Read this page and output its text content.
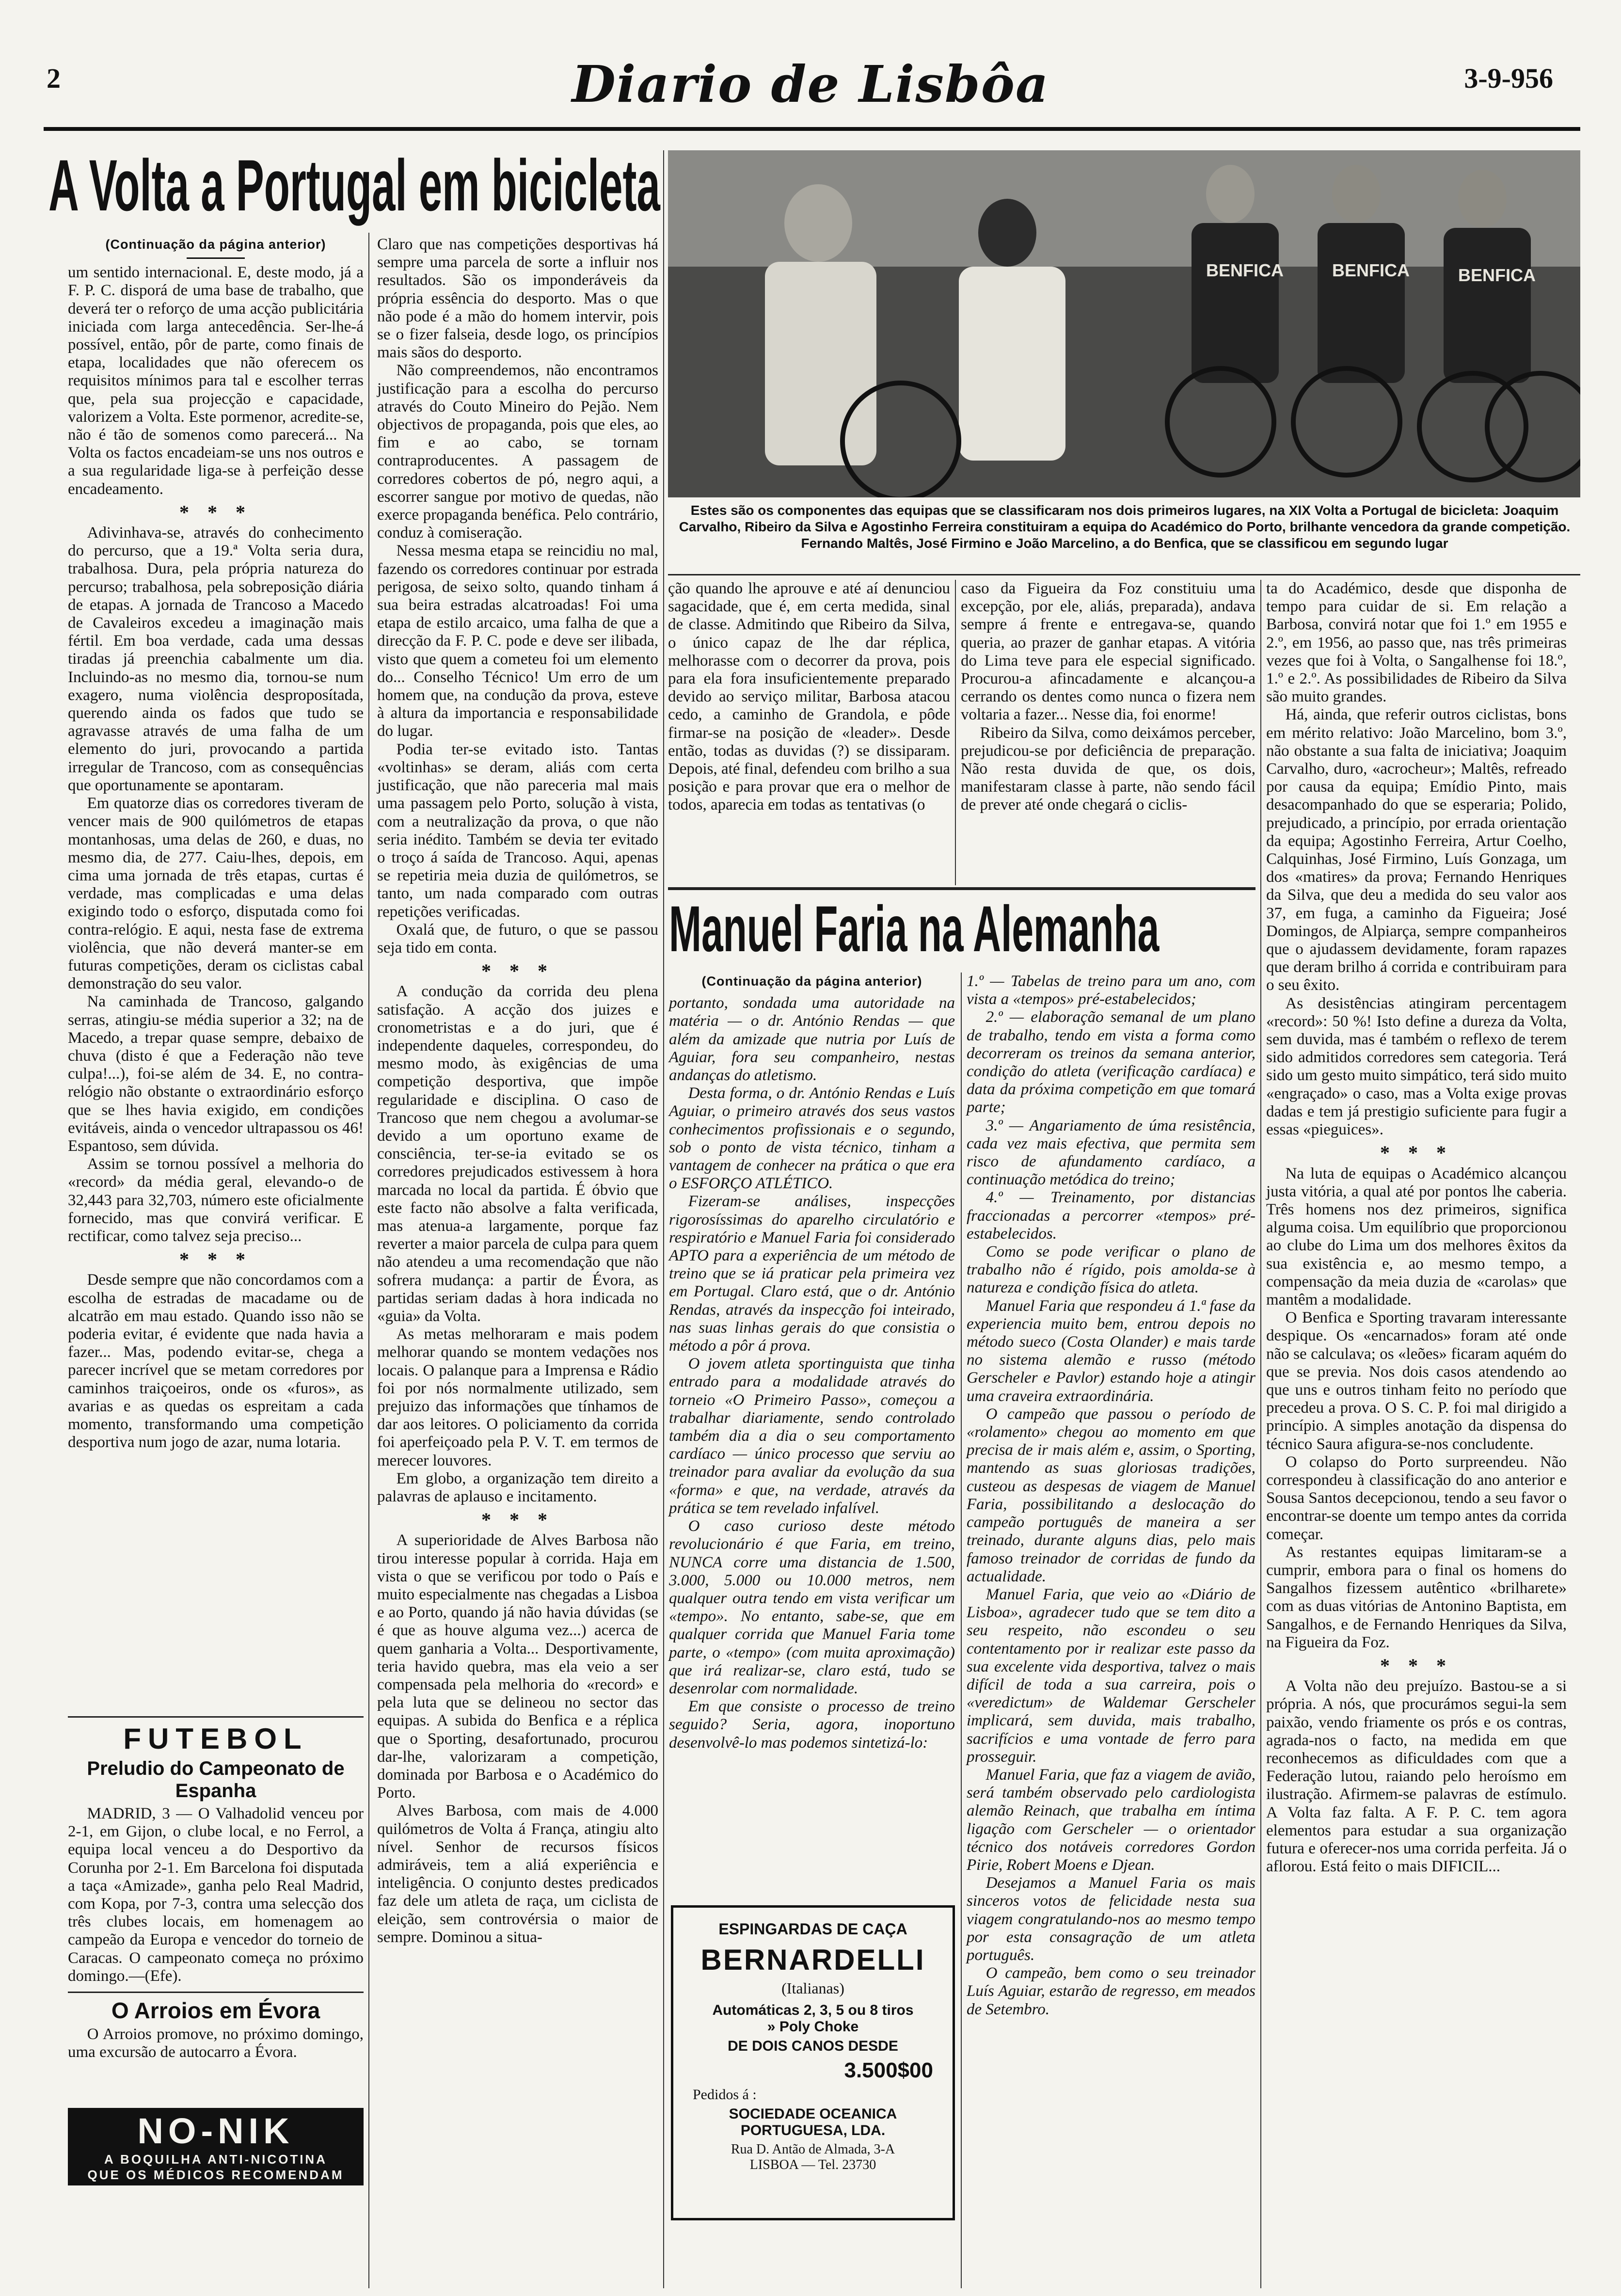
2	Diario de Lisbôa	3-9-956
A Volta a Portugal em bicicleta
(Continuação da página anterior)

um sentido internacional. E, deste modo, já a F. P. C. disporá de uma base de trabalho, que deverá ter o reforço de uma acção publicitária iniciada com larga antecedência. Ser-lhe-á possível, então, pôr de parte, como finais de etapa, localidades que não oferecem os requisitos mínimos para tal e escolher terras que, pela sua projecção e capacidade, valorizem a Volta. Este pormenor, acredite-se, não é tão de somenos como parecerá... Na Volta os factos encadeiam-se uns nos outros e a sua regularidade liga-se à perfeição desse encadeamento.

* * *

Adivinhava-se, através do conhecimento do percurso, que a 19.ª Volta seria dura, trabalhosa. Dura, pela própria natureza do percurso; trabalhosa, pela sobreposição diária de etapas. A jornada de Trancoso a Macedo de Cavaleiros excedeu a imaginação mais fértil. Em boa verdade, cada uma dessas tiradas já preenchia cabalmente um dia. Incluindo-as no mesmo dia, tornou-se num exagero, numa violência desproposítada, querendo ainda os fados que tudo se agravasse através de uma falha de um elemento do juri, provocando a partida irregular de Trancoso, com as consequências que oportunamente se apontaram.

Em quatorze dias os corredores tiveram de vencer mais de 900 quilómetros de etapas montanhosas, uma delas de 260, e duas, no mesmo dia, de 277. Caiu-lhes, depois, em cima uma jornada de três etapas, curtas é verdade, mas complicadas e uma delas exigindo todo o esforço, disputada como foi contra-relógio. E aqui, nesta fase de extrema violência, que não deverá manter-se em futuras competições, deram os ciclistas cabal demonstração do seu valor.

Na caminhada de Trancoso, galgando serras, atingiu-se média superior a 32; na de Macedo, a trepar quase sempre, debaixo de chuva (disto é que a Federação não teve culpa!...), foi-se além de 34. E, no contra-relógio não obstante o extraordinário esforço que se lhes havia exigido, em condições evitáveis, ainda o vencedor ultrapassou os 46! Espantoso, sem dúvida.

Assim se tornou possível a melhoria do «record» da média geral, elevando-o de 32,443 para 32,703, número este oficialmente fornecido, mas que convirá verificar. E rectificar, como talvez seja preciso...

* * *

Desde sempre que não concordamos com a escolha de estradas de macadame ou de alcatrão em mau estado. Quando isso não se poderia evitar, é evidente que nada havia a fazer... Mas, podendo evitar-se, chega a parecer incrível que se metam corredores por caminhos traiçoeiros, onde os «furos», as avarias e as quedas os espreitam a cada momento, transformando uma competição desportiva num jogo de azar, numa lotaria.

FUTEBOL
Preludio do Campeonato de Espanha

MADRID, 3 — O Valhadolid venceu por 2-1, em Gijon, o clube local, e no Ferrol, a equipa local venceu a do Desportivo da Corunha por 2-1. Em Barcelona foi disputada a taça «Amizade», ganha pelo Real Madrid, com Kopa, por 7-3, contra uma selecção dos três clubes locais, em homenagem ao campeão da Europa e vencedor do torneio de Caracas. O campeonato começa no próximo domingo.—(Efe).

O Arroios em Évora

O Arroios promove, no próximo domingo, uma excursão de autocarro a Évora.

NO-NIK
A BOQUILHA ANTI-NICOTINA
QUE OS MÉDICOS RECOMENDAM

Claro que nas competições desportivas há sempre uma parcela de sorte a influir nos resultados. São os imponderáveis da própria essência do desporto. Mas o que não pode é a mão do homem intervir, pois se o fizer falseia, desde logo, os princípios mais sãos do desporto.

Não compreendemos, não encontramos justificação para a escolha do percurso através do Couto Mineiro do Pejão. Nem objectivos de propaganda, pois que eles, ao fim e ao cabo, se tornam contraproducentes. A passagem de corredores cobertos de pó, negro aqui, a escorrer sangue por motivo de quedas, não exerce propaganda benéfica. Pelo contrário, conduz à comiseração.

Nessa mesma etapa se reincidiu no mal, fazendo os corredores continuar por estrada perigosa, de seixo solto, quando tinham á sua beira estradas alcatroadas! Foi uma etapa de estilo arcaico, uma falha de que a direcção da F. P. C. pode e deve ser ilibada, visto que quem a cometeu foi um elemento do... Conselho Técnico! Um erro de um homem que, na condução da prova, esteve à altura da importancia e responsabilidade do lugar.

Podia ter-se evitado isto. Tantas «voltinhas» se deram, aliás com certa justificação, que não pareceria mal mais uma passagem pelo Porto, solução à vista, com a neutralização da prova, o que não seria inédito. Também se devia ter evitado o troço á saída de Trancoso. Aqui, apenas se repetiria meia duzia de quilómetros, se tanto, um nada comparado com outras repetições verificadas.

Oxalá que, de futuro, o que se passou seja tido em conta.

* * *

A condução da corrida deu plena satisfação. A acção dos juizes e cronometristas e a do juri, que é independente daqueles, correspondeu, do mesmo modo, às exigências de uma competição desportiva, que impõe regularidade e disciplina. O caso de Trancoso que nem chegou a avolumar-se devido a um oportuno exame de consciência, ter-se-ia evitado se os corredores prejudicados estivessem à hora marcada no local da partida. É óbvio que este facto não absolve a falta verificada, mas atenua-a largamente, porque faz reverter a maior parcela de culpa para quem não atendeu a uma recomendação que não sofrera mudança: a partir de Évora, as partidas seriam dadas à hora indicada no «guia» da Volta.

As metas melhoraram e mais podem melhorar quando se montem vedações nos locais. O palanque para a Imprensa e Rádio foi por nós normalmente utilizado, sem prejuizo das informações que tínhamos de dar aos leitores. O policiamento da corrida foi aperfeiçoado pela P. V. T. em termos de merecer louvores.

Em globo, a organização tem direito a palavras de aplauso e incitamento.

* * *

A superioridade de Alves Barbosa não tirou interesse popular à corrida. Haja em vista o que se verificou por todo o País e muito especialmente nas chegadas a Lisboa e ao Porto, quando já não havia dúvidas (se é que as houve alguma vez...) acerca de quem ganharia a Volta... Desportivamente, teria havido quebra, mas ela veio a ser compensada pela melhoria do «record» e pela luta que se delineou no sector das equipas. A subida do Benfica e a réplica que o Sporting, desafortunado, procurou dar-lhe, valorizaram a competição, dominada por Barbosa e o Académico do Porto.

Alves Barbosa, com mais de 4.000 quilómetros de Volta á França, atingiu alto nível. Senhor de recursos físicos admiráveis, tem a aliá experiência e inteligência. O conjunto destes predicados faz dele um atleta de raça, um ciclista de eleição, sem controvérsia o maior de sempre. Dominou a situa-

BENFICA	BENFICA	BENFICA
Estes são os componentes das equipas que se classificaram nos dois primeiros lugares, na XIX Volta a Portugal de bicicleta: Joaquim Carvalho, Ribeiro da Silva e Agostinho Ferreira constituiram a equipa do Académico do Porto, brilhante vencedora da grande competição. Fernando Maltês, José Firmino e João Marcelino, a do Benfica, que se classificou em segundo lugar

ção quando lhe aprouve e até aí denunciou sagacidade, que é, em certa medida, sinal de classe. Admitindo que Ribeiro da Silva, o único capaz de lhe dar réplica, melhorasse com o decorrer da prova, pois para ela fora insuficientemente preparado devido ao serviço militar, Barbosa atacou cedo, a caminho de Grandola, e pôde firmar-se na posição de «leader». Desde então, todas as duvidas (?) se dissiparam. Depois, até final, defendeu com brilho a sua posição e para provar que era o melhor de todos, aparecia em todas as tentativas (o

caso da Figueira da Foz constituiu uma excepção, por ele, aliás, preparada), andava sempre á frente e entregava-se, quando queria, ao prazer de ganhar etapas. A vitória do Lima teve para ele especial significado. Procurou-a afincadamente e alcançou-a cerrando os dentes como nunca o fizera nem voltaria a fazer... Nesse dia, foi enorme!

Ribeiro da Silva, como deixámos perceber, prejudicou-se por deficiência de preparação. Não resta duvida de que, os dois, manifestaram classe à parte, não sendo fácil de prever até onde chegará o ciclis-

ta do Académico, desde que disponha de tempo para cuidar de si. Em relação a Barbosa, convirá notar que foi 1.º em 1955 e 2.º, em 1956, ao passo que, nas três primeiras vezes que foi à Volta, o Sangalhense foi 18.º, 1.º e 2.º. As possibilidades de Ribeiro da Silva são muito grandes.

Há, ainda, que referir outros ciclistas, bons em mérito relativo: João Marcelino, bom 3.º, não obstante a sua falta de iniciativa; Joaquim Carvalho, duro, «acrocheur»; Maltês, refreado por causa da equipa; Emídio Pinto, mais desacompanhado do que se esperaria; Polido, prejudicado, a princípio, por errada orientação da equipa; Agostinho Ferreira, Artur Coelho, Calquinhas, José Firmino, Luís Gonzaga, um dos «matires» da prova; Fernando Henriques da Silva, que deu a medida do seu valor aos 37, em fuga, a caminho da Figueira; José Domingos, de Alpiarça, sempre companheiros que o ajudassem devidamente, foram rapazes que deram brilho á corrida e contribuiram para o seu êxito.

As desistências atingiram percentagem «record»: 50 %! Isto define a dureza da Volta, sem duvida, mas é também o reflexo de terem sido admitidos corredores sem categoria. Terá sido um gesto muito simpático, terá sido muito «engraçado» o caso, mas a Volta exige provas dadas e tem já prestigio suficiente para fugir a essas «pieguices».

* * *

Na luta de equipas o Académico alcançou justa vitória, a qual até por pontos lhe caberia. Três homens nos dez primeiros, significa alguma coisa. Um equilíbrio que proporcionou ao clube do Lima um dos melhores êxitos da sua existência e, ao mesmo tempo, a compensação da meia duzia de «carolas» que mantêm a modalidade.

O Benfica e Sporting travaram interessante despique. Os «encarnados» foram até onde não se calculava; os «leões» ficaram aquém do que se previa. Nos dois casos atendendo ao que uns e outros tinham feito no período que precedeu a prova. O S. C. P. foi mal dirigido a princípio. A simples anotação da dispensa do técnico Saura afigura-se-nos concludente.

O colapso do Porto surpreendeu. Não correspondeu à classificação do ano anterior e Sousa Santos decepcionou, tendo a seu favor o encontrar-se doente um tempo antes da corrida começar.

As restantes equipas limitaram-se a cumprir, embora para o final os homens do Sangalhos fizessem autêntico «brilharete» com as duas vitórias de Antonino Baptista, em Sangalhos, e de Fernando Henriques da Silva, na Figueira da Foz.

* * *

A Volta não deu prejuízo. Bastou-se a si própria. A nós, que procurámos segui-la sem paixão, vendo friamente os prós e os contras, agrada-nos o facto, na medida em que reconhecemos as dificuldades com que a Federação lutou, raiando pelo heroísmo em ilustração. Afirmem-se palavras de estímulo. A Volta faz falta. A F. P. C. tem agora elementos para estudar a sua organização futura e oferecer-nos uma corrida perfeita. Já o aflorou. Está feito o mais DIFICIL...

Manuel Faria na Alemanha
(Continuação da página anterior)

portanto, sondada uma autoridade na matéria — o dr. António Rendas — que além da amizade que nutria por Luís de Aguiar, fora seu companheiro, nestas andanças do atletismo.

Desta forma, o dr. António Rendas e Luís Aguiar, o primeiro através dos seus vastos conhecimentos profissionais e o segundo, sob o ponto de vista técnico, tinham a vantagem de conhecer na prática o que era o ESFORÇO ATLÉTICO.

Fizeram-se análises, inspecções rigorosíssimas do aparelho circulatório e respiratório e Manuel Faria foi considerado APTO para a experiência de um método de treino que se iá praticar pela primeira vez em Portugal. Claro está, que o dr. António Rendas, através da inspecção foi inteirado, nas suas linhas gerais do que consistia o método a pôr á prova.

O jovem atleta sportinguista que tinha entrado para a modalidade através do torneio «O Primeiro Passo», começou a trabalhar diariamente, sendo controlado também dia a dia o seu comportamento cardíaco — único processo que serviu ao treinador para avaliar da evolução da sua «forma» e que, na verdade, através da prática se tem revelado infalível.

O caso curioso deste método revolucionário é que Faria, em treino, NUNCA corre uma distancia de 1.500, 3.000, 5.000 ou 10.000 metros, nem qualquer outra tendo em vista verificar um «tempo». No entanto, sabe-se, que em qualquer corrida que Manuel Faria tome parte, o «tempo» (com muita aproximação) que irá realizar-se, claro está, tudo se desenrolar com normalidade.

Em que consiste o processo de treino seguido? Seria, agora, inoportuno desenvolvê-lo mas podemos sintetizá-lo:

ESPINGARDAS DE CAÇA
BERNARDELLI
(Italianas)
Automáticas 2, 3, 5 ou 8 tiros
» Poly Choke
DE DOIS CANOS DESDE
3.500$00
Pedidos á :
SOCIEDADE OCEANICA
PORTUGUESA, LDA.
Rua D. Antão de Almada, 3-A
LISBOA — Tel. 23730

1.º — Tabelas de treino para um ano, com vista a «tempos» pré-estabelecidos;

2.º — elaboração semanal de um plano de trabalho, tendo em vista a forma como decorreram os treinos da semana anterior, condição do atleta (verificação cardíaca) e data da próxima competição em que tomará parte;

3.º — Angariamento de úma resistência, cada vez mais efectiva, que permita sem risco de afundamento cardíaco, a continuação metódica do treino;

4.º — Treinamento, por distancias fraccionadas a percorrer «tempos» pré-estabelecidos.

Como se pode verificar o plano de trabalho não é rígido, pois amolda-se à natureza e condição física do atleta.

Manuel Faria que respondeu á 1.ª fase da experiencia muito bem, entrou depois no método sueco (Costa Olander) e mais tarde no sistema alemão e russo (método Gerscheler e Pavlor) estando hoje a atingir uma craveira extraordinária.

O campeão que passou o período de «rolamento» chegou ao momento em que precisa de ir mais além e, assim, o Sporting, mantendo as suas gloriosas tradições, custeou as despesas de viagem de Manuel Faria, possibilitando a deslocação do campeão português de maneira a ser treinado, durante alguns dias, pelo mais famoso treinador de corridas de fundo da actualidade.

Manuel Faria, que veio ao «Diário de Lisboa», agradecer tudo que se tem dito a seu respeito, não escondeu o seu contentamento por ir realizar este passo da sua excelente vida desportiva, talvez o mais difícil de toda a sua carreira, pois o «veredictum» de Waldemar Gerscheler implicará, sem duvida, mais trabalho, sacrifícios e uma vontade de ferro para prosseguir.

Manuel Faria, que faz a viagem de avião, será também observado pelo cardiologista alemão Reinach, que trabalha em íntima ligação com Gerscheler — o orientador técnico dos notáveis corredores Gordon Pirie, Robert Moens e Djean.

Desejamos a Manuel Faria os mais sinceros votos de felicidade nesta sua viagem congratulando-nos ao mesmo tempo por esta consagração de um atleta português.

O campeão, bem como o seu treinador Luís Aguiar, estarão de regresso, em meados de Setembro.
